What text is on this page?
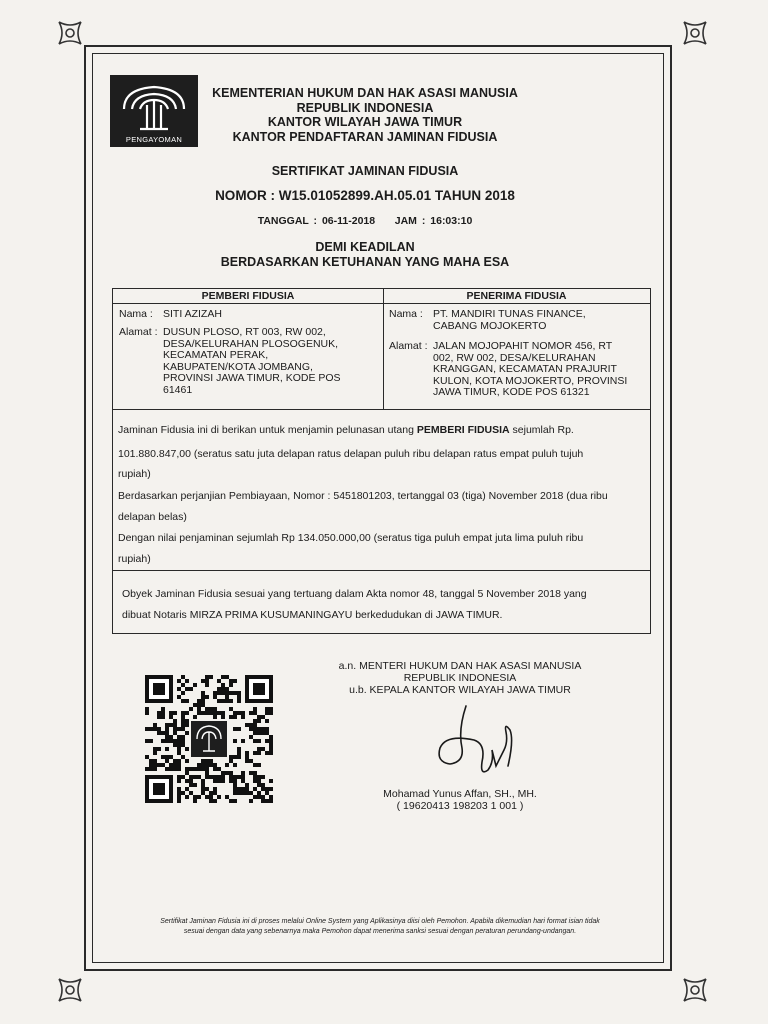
PENGAYOMAN
KEMENTERIAN HUKUM DAN HAK ASASI MANUSIA
REPUBLIK INDONESIA
KANTOR WILAYAH JAWA TIMUR
KANTOR PENDAFTARAN JAMINAN FIDUSIA
SERTIFIKAT JAMINAN FIDUSIA
NOMOR : W15.01052899.AH.05.01 TAHUN 2018
TANGGAL : 06-11-2018    JAM : 16:03:10
DEMI KEADILAN
BERDASARKAN KETUHANAN YANG MAHA ESA
PEMBERI FIDUSIA
Nama : SITI AZIZAH
Alamat : DUSUN PLOSO, RT 003, RW 002,
DESA/KELURAHAN PLOSOGENUK,
KECAMATAN PERAK,
KABUPATEN/KOTA JOMBANG,
PROVINSI JAWA TIMUR, KODE POS
61461
PENERIMA FIDUSIA
Nama : PT. MANDIRI TUNAS FINANCE,
CABANG MOJOKERTO
Alamat : JALAN MOJOPAHIT NOMOR 456, RT
002, RW 002, DESA/KELURAHAN
KRANGGAN, KECAMATAN PRAJURIT
KULON, KOTA MOJOKERTO, PROVINSI
JAWA TIMUR, KODE POS 61321
Jaminan Fidusia ini di berikan untuk menjamin pelunasan utang PEMBERI FIDUSIA sejumlah Rp.
101.880.847,00 (seratus satu juta delapan ratus delapan puluh ribu delapan ratus empat puluh tujuh
rupiah)
Berdasarkan perjanjian Pembiayaan, Nomor : 5451801203, tertanggal 03 (tiga) November 2018 (dua ribu
delapan belas)
Dengan nilai penjaminan sejumlah Rp 134.050.000,00 (seratus tiga puluh empat juta lima puluh ribu
rupiah)
Obyek Jaminan Fidusia sesuai yang tertuang dalam Akta nomor 48, tanggal 5 November 2018 yang
dibuat Notaris MIRZA PRIMA KUSUMANINGAYU berkedudukan di JAWA TIMUR.
a.n. MENTERI HUKUM DAN HAK ASASI MANUSIA
REPUBLIK INDONESIA
u.b. KEPALA KANTOR WILAYAH JAWA TIMUR
Mohamad Yunus Affan, SH., MH.
( 19620413 198203 1 001 )
Sertifikat Jaminan Fidusia ini di proses melalui Online System yang Aplikasinya diisi oleh Pemohon. Apabila dikemudian hari format isian tidak
sesuai dengan data yang sebenarnya maka Pemohon dapat menerima sanksi sesuai dengan peraturan perundang-undangan.
